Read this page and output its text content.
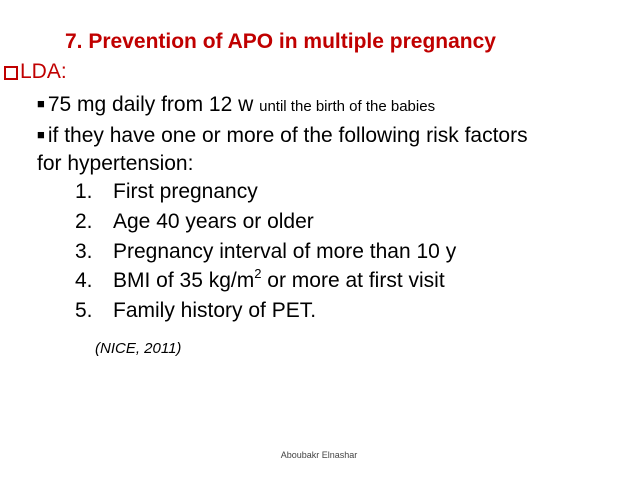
7. Prevention of APO in multiple pregnancy
LDA:
■ 75 mg daily from 12 w until the birth of the babies
■ if they have one or more of the following risk factors
for hypertension:
1. First pregnancy
2. Age 40 years or older
3. Pregnancy interval of more than 10 y
4. BMI of 35 $kg/m^2$ or more at first visit
5. Family history of PET.
(NICE, 2011)
Aboubakr Elnashar
